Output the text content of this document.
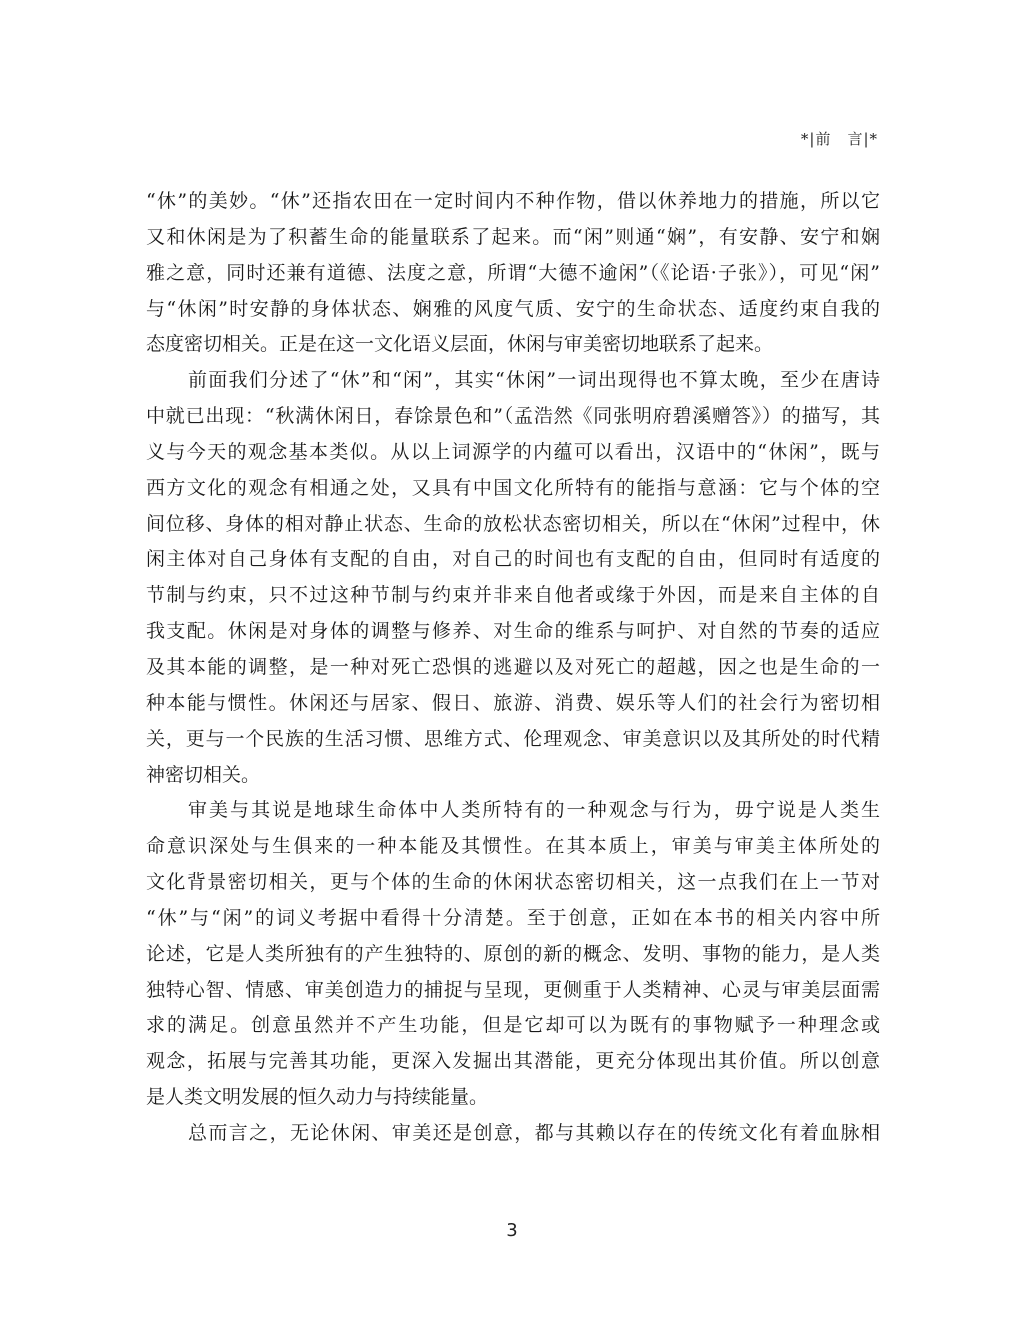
*|前　言|*
“休”的美妙。“休”还指农田在一定时间内不种作物，借以休养地力的措施，所以它
又和休闲是为了积蓄生命的能量联系了起来。而“闲”则通“娴”，有安静、安宁和娴
雅之意，同时还兼有道德、法度之意，所谓“大德不逾闲”（《论语·子张》），可见“闲”
与“休闲”时安静的身体状态、娴雅的风度气质、安宁的生命状态、适度约束自我的
态度密切相关。正是在这一文化语义层面，休闲与审美密切地联系了起来。
前面我们分述了“休”和“闲”，其实“休闲”一词出现得也不算太晚，至少在唐诗
中就已出现：“秋满休闲日，春馀景色和”（孟浩然《同张明府碧溪赠答》）的描写，其
义与今天的观念基本类似。从以上词源学的内蕴可以看出，汉语中的“休闲”，既与
西方文化的观念有相通之处，又具有中国文化所特有的能指与意涵：它与个体的空
间位移、身体的相对静止状态、生命的放松状态密切相关，所以在“休闲”过程中，休
闲主体对自己身体有支配的自由，对自己的时间也有支配的自由，但同时有适度的
节制与约束，只不过这种节制与约束并非来自他者或缘于外因，而是来自主体的自
我支配。休闲是对身体的调整与修养、对生命的维系与呵护、对自然的节奏的适应
及其本能的调整，是一种对死亡恐惧的逃避以及对死亡的超越，因之也是生命的一
种本能与惯性。休闲还与居家、假日、旅游、消费、娱乐等人们的社会行为密切相
关，更与一个民族的生活习惯、思维方式、伦理观念、审美意识以及其所处的时代精
神密切相关。
审美与其说是地球生命体中人类所特有的一种观念与行为，毋宁说是人类生
命意识深处与生俱来的一种本能及其惯性。在其本质上，审美与审美主体所处的
文化背景密切相关，更与个体的生命的休闲状态密切相关，这一点我们在上一节对
“休”与“闲”的词义考据中看得十分清楚。至于创意，正如在本书的相关内容中所
论述，它是人类所独有的产生独特的、原创的新的概念、发明、事物的能力，是人类
独特心智、情感、审美创造力的捕捉与呈现，更侧重于人类精神、心灵与审美层面需
求的满足。创意虽然并不产生功能，但是它却可以为既有的事物赋予一种理念或
观念，拓展与完善其功能，更深入发掘出其潜能，更充分体现出其价值。所以创意
是人类文明发展的恒久动力与持续能量。
总而言之，无论休闲、审美还是创意，都与其赖以存在的传统文化有着血脉相
3
